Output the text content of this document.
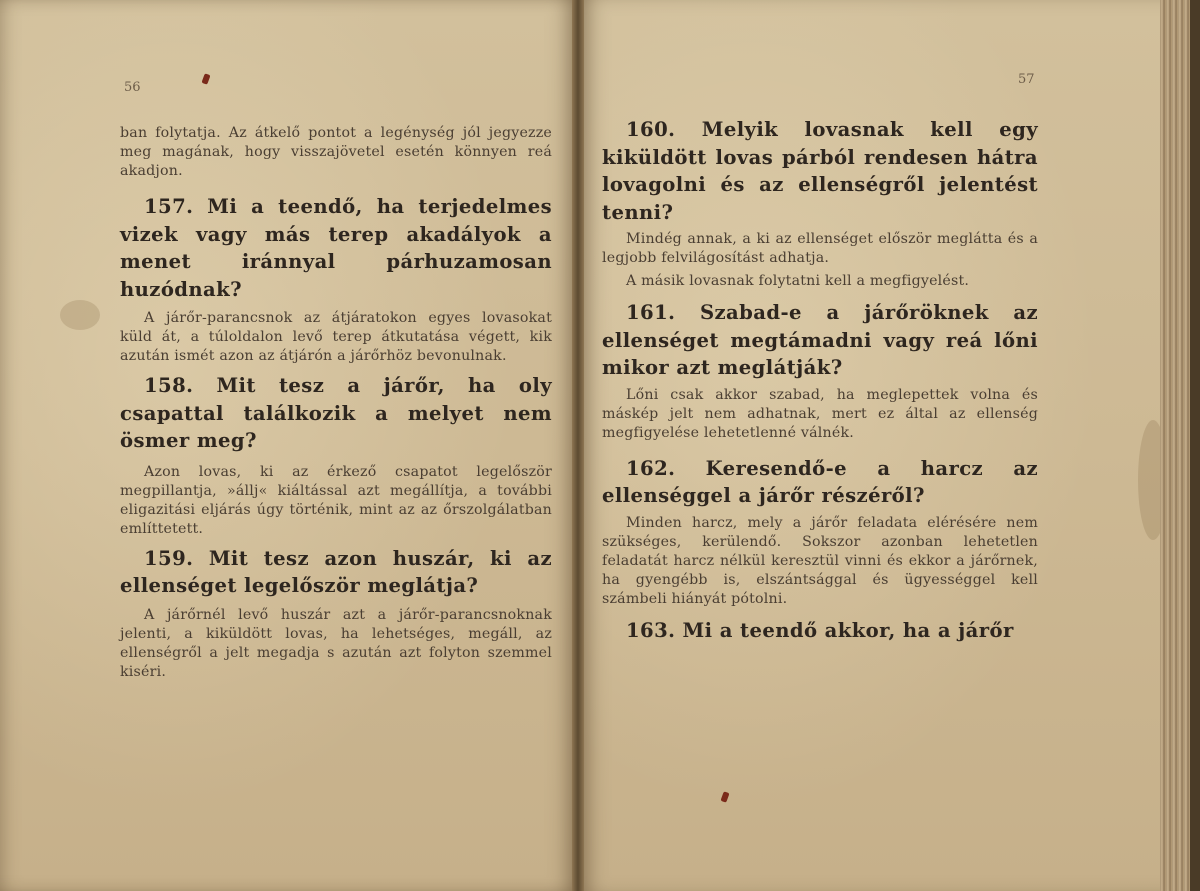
56

ban folytatja. Az átkelő pontot a legénység jól jegyezze meg magának, hogy visszajövetel esetén könnyen reá akadjon.

157. Mi a teendő, ha terjedelmes vizek vagy más terep akadályok a menet iránnyal párhuzamosan huzódnak?

A járőr-parancsnok az átjáratokon egyes lovasokat küld át, a túloldalon levő terep átkutatása végett, kik azután ismét azon az átjárón a járőrhöz bevonulnak.

158. Mit tesz a járőr, ha oly csapattal találkozik a melyet nem ösmer meg?

Azon lovas, ki az érkező csapatot legelőször megpillantja, »állj« kiáltással azt megállítja, a további eligazitási eljárás úgy történik, mint az az őrszolgálatban említtetett.

159. Mit tesz azon huszár, ki az ellenséget legelőször meglátja?

A járőrnél levő huszár azt a járőr-parancsnoknak jelenti, a kiküldött lovas, ha lehetséges, megáll, az ellenségről a jelt megadja s azután azt folyton szemmel kiséri.

57

160. Melyik lovasnak kell egy kiküldött lovas párból rendesen hátra lovagolni és az ellenségről jelentést tenni?

Mindég annak, a ki az ellenséget először meglátta és a legjobb felvilágosítást adhatja.

A másik lovasnak folytatni kell a megfigyelést.

161. Szabad-e a járőröknek az ellenséget megtámadni vagy reá lőni mikor azt meglátják?

Lőni csak akkor szabad, ha meglepettek volna és máskép jelt nem adhatnak, mert ez által az ellenség megfigyelése lehetetlenné válnék.

162. Keresendő-e a harcz az ellenséggel a járőr részéről?

Minden harcz, mely a járőr feladata elérésére nem szükséges, kerülendő. Sokszor azonban lehetetlen feladatát harcz nélkül keresztül vinni és ekkor a járőrnek, ha gyengébb is, elszántsággal és ügyességgel kell számbeli hiányát pótolni.

163. Mi a teendő akkor, ha a járőr
